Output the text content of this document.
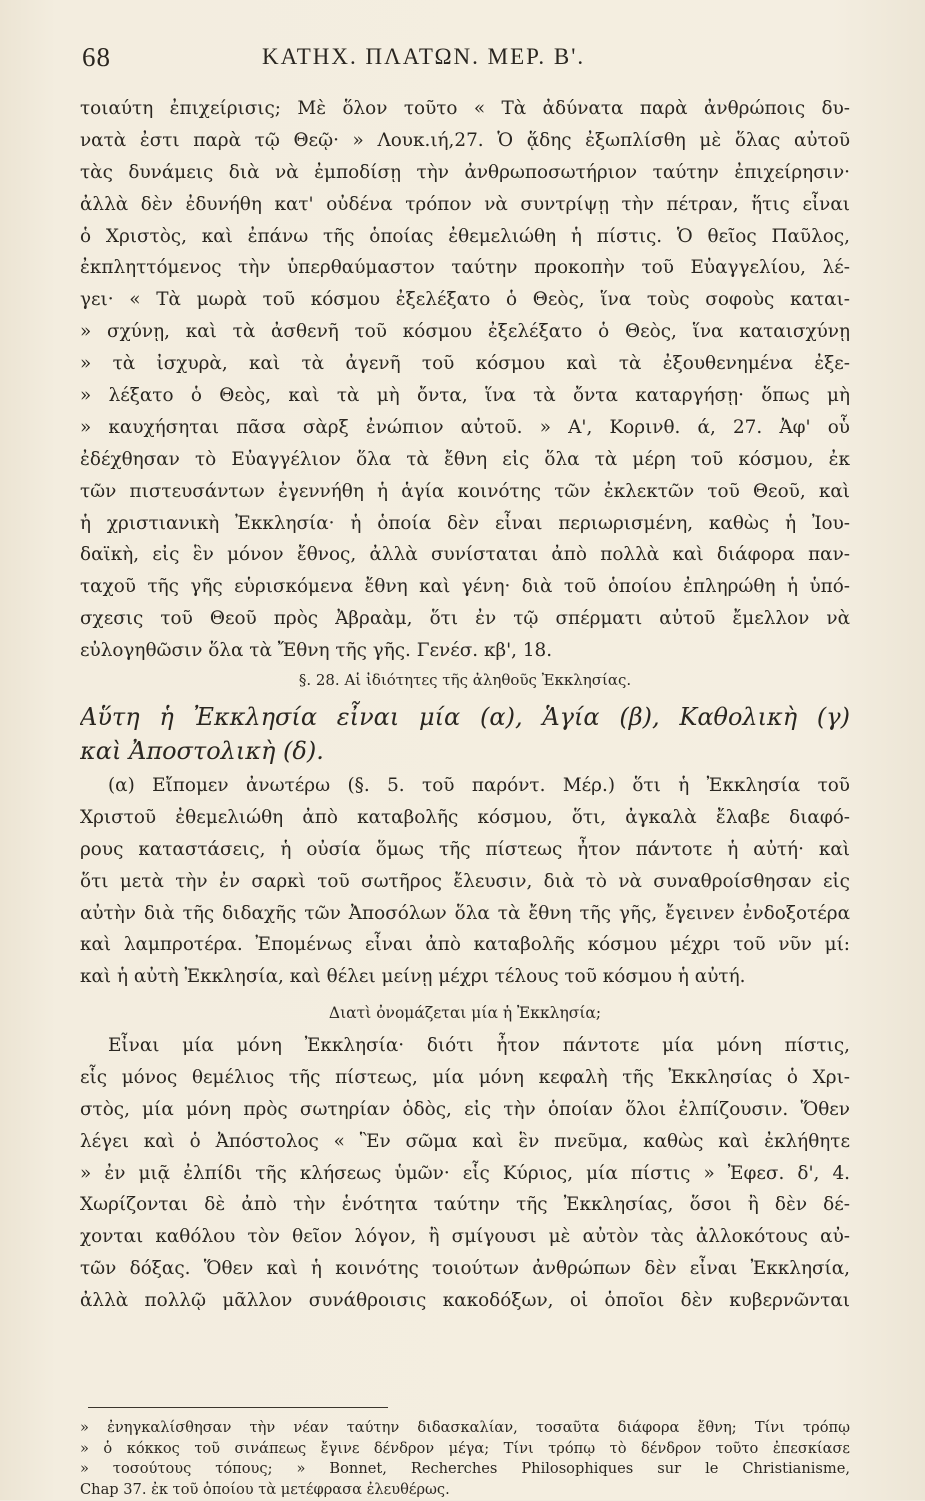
68	ΚΑΤΗΧ. ΠΛΑΤΩΝ. ΜΕΡ. Β'.
τοιαύτη ἐπιχείρισις; Μὲ ὅλον τοῦτο « Τὰ ἀδύνατα παρὰ ἀνθρώποις δυ-
νατὰ ἐστι παρὰ τῷ Θεῷ· » Λουκ.ιή,27. Ὁ ᾅδης ἐξωπλίσθη μὲ ὅλας αὐτοῦ
τὰς δυνάμεις διὰ νὰ ἐμποδίσῃ τὴν ἀνθρωποσωτήριον ταύτην ἐπιχείρησιν·
ἀλλὰ δὲν ἐδυνήθη κατ' οὐδένα τρόπον νὰ συντρίψῃ τὴν πέτραν, ἥτις εἶναι
ὁ Χριστὸς, καὶ ἐπάνω τῆς ὁποίας ἐθεμελιώθη ἡ πίστις. Ὁ θεῖος Παῦλος,
ἐκπληττόμενος τὴν ὑπερθαύμαστον ταύτην προκοπὴν τοῦ Εὐαγγελίου, λέ-
γει· « Τὰ μωρὰ τοῦ κόσμου ἐξελέξατο ὁ Θεὸς, ἵνα τοὺς σοφοὺς καται-
» σχύνῃ, καὶ τὰ ἀσθενῆ τοῦ κόσμου ἐξελέξατο ὁ Θεὸς, ἵνα καταισχύνῃ
» τὰ ἰσχυρὰ, καὶ τὰ ἀγενῆ τοῦ κόσμου καὶ τὰ ἐξουθενημένα ἐξε-
» λέξατο ὁ Θεὸς, καὶ τὰ μὴ ὄντα, ἵνα τὰ ὄντα καταργήσῃ· ὅπως μὴ
» καυχήσηται πᾶσα σὰρξ ἐνώπιον αὐτοῦ. » Α', Κορινθ. ά, 27. Ἀφ' οὗ
ἐδέχθησαν τὸ Εὐαγγέλιον ὅλα τὰ ἔθνη εἰς ὅλα τὰ μέρη τοῦ κόσμου, ἐκ
τῶν πιστευσάντων ἐγεννήθη ἡ ἁγία κοινότης τῶν ἐκλεκτῶν τοῦ Θεοῦ, καὶ
ἡ χριστιανικὴ Ἐκκλησία· ἡ ὁποία δὲν εἶναι περιωρισμένη, καθὼς ἡ Ἰου-
δαϊκὴ, εἰς ἓν μόνον ἔθνος, ἀλλὰ συνίσταται ἀπὸ πολλὰ καὶ διάφορα παν-
ταχοῦ τῆς γῆς εὑρισκόμενα ἔθνη καὶ γένη· διὰ τοῦ ὁποίου ἐπληρώθη ἡ ὑπό-
σχεσις τοῦ Θεοῦ πρὸς Ἀβραὰμ, ὅτι ἐν τῷ σπέρματι αὐτοῦ ἔμελλον νὰ
εὐλογηθῶσιν ὅλα τὰ Ἔθνη τῆς γῆς. Γενέσ. κβ', 18.
§. 28. Αἱ ἰδιότητες τῆς ἀληθοῦς Ἐκκλησίας.
Αὕτη ἡ Ἐκκλησία εἶναι μία (α), Ἁγία (β), Καθολικὴ (γ)
καὶ Ἀποστολικὴ (δ).
(α) Εἴπομεν ἀνωτέρω (§. 5. τοῦ παρόντ. Μέρ.) ὅτι ἡ Ἐκκλησία τοῦ
Χριστοῦ ἐθεμελιώθη ἀπὸ καταβολῆς κόσμου, ὅτι, ἀγκαλὰ ἔλαβε διαφό-
ρους καταστάσεις, ἡ οὐσία ὅμως τῆς πίστεως ἦτον πάντοτε ἡ αὐτή· καὶ
ὅτι μετὰ τὴν ἐν σαρκὶ τοῦ σωτῆρος ἔλευσιν, διὰ τὸ νὰ συναθροίσθησαν εἰς
αὐτὴν διὰ τῆς διδαχῆς τῶν Ἀποσόλων ὅλα τὰ ἔθνη τῆς γῆς, ἔγεινεν ἐνδοξοτέρα
καὶ λαμπροτέρα. Ἐπομένως εἶναι ἀπὸ καταβολῆς κόσμου μέχρι τοῦ νῦν μί:
καὶ ἡ αὐτὴ Ἐκκλησία, καὶ θέλει μείνῃ μέχρι τέλους τοῦ κόσμου ἡ αὐτή.
Διατὶ ὀνομάζεται μία ἡ Ἐκκλησία;
Εἶναι μία μόνη Ἐκκλησία· διότι ἦτον πάντοτε μία μόνη πίστις,
εἷς μόνος θεμέλιος τῆς πίστεως, μία μόνη κεφαλὴ τῆς Ἐκκλησίας ὁ Χρι-
στὸς, μία μόνη πρὸς σωτηρίαν ὁδὸς, εἰς τὴν ὁποίαν ὅλοι ἐλπίζουσιν. Ὅθεν
λέγει καὶ ὁ Ἀπόστολος « Ἓν σῶμα καὶ ἓν πνεῦμα, καθὼς καὶ ἐκλήθητε
» ἐν μιᾷ ἐλπίδι τῆς κλήσεως ὑμῶν· εἷς Κύριος, μία πίστις » Ἐφεσ. δ', 4.
Χωρίζονται δὲ ἀπὸ τὴν ἑνότητα ταύτην τῆς Ἐκκλησίας, ὅσοι ἢ δὲν δέ-
χονται καθόλου τὸν θεῖον λόγον, ἢ σμίγουσι μὲ αὐτὸν τὰς ἀλλοκότους αὐ-
τῶν δόξας. Ὅθεν καὶ ἡ κοινότης τοιούτων ἀνθρώπων δὲν εἶναι Ἐκκλησία,
ἀλλὰ πολλῷ μᾶλλον συνάθροισις κακοδόξων, οἱ ὁποῖοι δὲν κυβερνῶνται
» ἐνηγκαλίσθησαν τὴν νέαν ταύτην διδασκαλίαν, τοσαῦτα διάφορα ἔθνη; Τίνι τρόπῳ
» ὁ κόκκος τοῦ σινάπεως ἔγινε δένδρον μέγα; Τίνι τρόπῳ τὸ δένδρον τοῦτο ἐπεσκίασε
» τοσούτους τόπους; » Bonnet, Recherches Philosophiques sur le Christianisme,
Chap 37. ἐκ τοῦ ὁποίου τὰ μετέφρασα ἐλευθέρως.
